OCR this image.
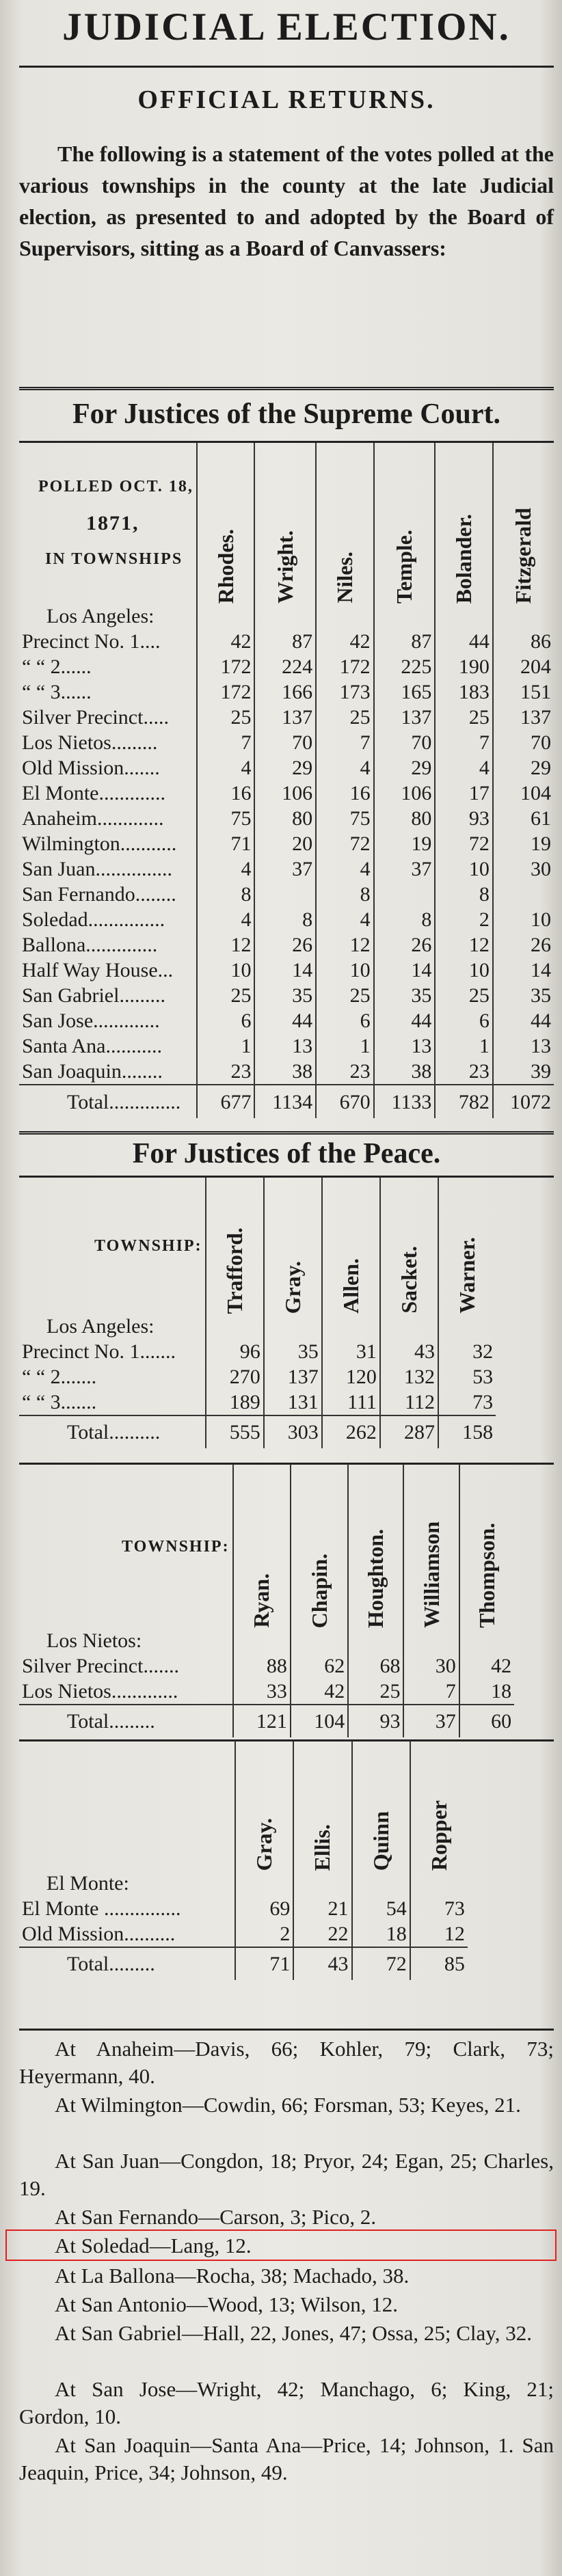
JUDICIAL ELECTION.
OFFICIAL RETURNS.
The following is a statement of the votes polled at the various townships in the county at the late Judicial election, as presented to and adopted by the Board of Supervisors, sitting as a Board of Canvassers:
For Justices of the Supreme Court.
POLLED OCT. 18,
1871,
IN TOWNSHIPS	Rhodes.	Wright.	Niles.	Temple.	Bolander.	Fitzgerald

Los Angeles:						
Precinct No. 1....	42	87	42	87	44	86
“ “ 2......	172	224	172	225	190	204
“ “ 3......	172	166	173	165	183	151
Silver Precinct.....	25	137	25	137	25	137
Los Nietos.........	7	70	7	70	7	70
Old Mission.......	4	29	4	29	4	29
El Monte.............	16	106	16	106	17	104
Anaheim.............	75	80	75	80	93	61
Wilmington...........	71	20	72	19	72	19
San Juan...............	4	37	4	37	10	30
San Fernando........	8		8		8	
Soledad...............	4	8	4	8	2	10
Ballona..............	12	26	12	26	12	26
Half Way House...	10	14	10	14	10	14
San Gabriel.........	25	35	25	35	25	35
San Jose.............	6	44	6	44	6	44
Santa Ana...........	1	13	1	13	1	13
San Joaquin........	23	38	23	38	23	39
Total..............	677	1134	670	1133	782	1072
For Justices of the Peace.
TOWNSHIP:	Trafford.	Gray.	Allen.	Sacket.	Warner.	

Los Angeles:						
Precinct No. 1.......	96	35	31	43	32	
“ “ 2.......	270	137	120	132	53	
“ “ 3.......	189	131	111	112	73	
Total..........	555	303	262	287	158	
TOWNSHIP:	Ryan.	Chapin.	Houghton.	Williamson	Thompson.	

Los Nietos:						
Silver Precinct.......	88	62	68	30	42	
Los Nietos.............	33	42	25	7	18	
Total.........	121	104	93	37	60	

	Gray.	Ellis.	Quinn	Ropper	

El Monte:					
El Monte ...............	69	21	54	73	
Old Mission..........	2	22	18	12	
Total.........	71	43	72	85	
At Anaheim—Davis, 66; Kohler, 79; Clark, 73; Heyermann, 40.
At Wilmington—Cowdin, 66; Forsman, 53; Keyes, 21.
At San Juan—Congdon, 18; Pryor, 24; Egan, 25; Charles, 19.
At San Fernando—Carson, 3; Pico, 2.
At Soledad—Lang, 12.
At La Ballona—Rocha, 38; Machado, 38.
At San Antonio—Wood, 13; Wilson, 12.
At San Gabriel—Hall, 22, Jones, 47; Ossa, 25; Clay, 32.
At San Jose—Wright, 42; Manchago, 6; King, 21; Gordon, 10.
At San Joaquin—Santa Ana—Price, 14; Johnson, 1. San Jeaquin, Price, 34; Johnson, 49.
